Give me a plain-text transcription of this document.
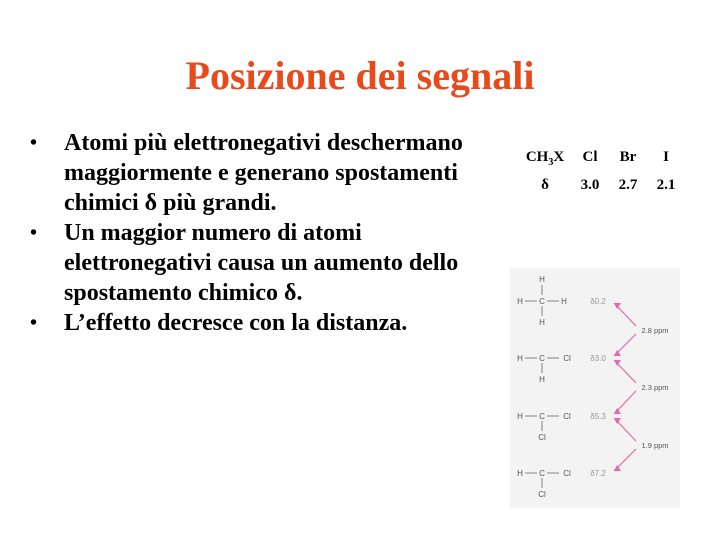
Posizione dei segnali
• Atomi più elettronegativi deschermano maggiormente e generano spostamenti chimici δ più grandi.
• Un maggior numero di atomi elettronegativi causa un aumento dello spostamento chimico δ.
• L’effetto decresce con la distanza.
$CH_3X$	Cl	Br	I
δ	3.0	2.7	2.1
H
H C H
H
δ0.2
H C Cl
H
δ3.0
H C Cl
Cl
δ5.3
H C Cl
Cl
δ7.2
2.8 ppm
2.3 ppm
1.9 ppm
